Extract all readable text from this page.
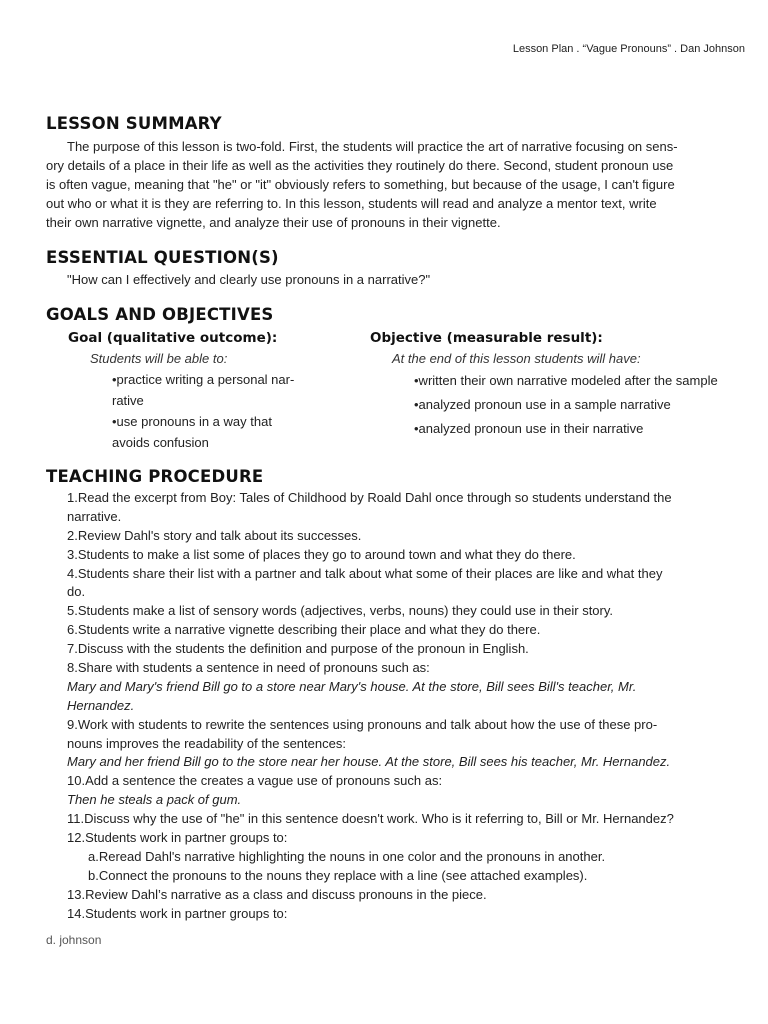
Lesson Plan . “Vague Pronouns” . Dan Johnson
LESSON SUMMARY
The purpose of this lesson is two-fold. First, the students will practice the art of narrative focusing on sens-
ory details of a place in their life as well as the activities they routinely do there. Second, student pronoun use
is often vague, meaning that "he" or "it" obviously refers to something, but because of the usage, I can't figure
out who or what it is they are referring to. In this lesson, students will read and analyze a mentor text, write
their own narrative vignette, and analyze their use of pronouns in their vignette.
ESSENTIAL QUESTION(S)
"How can I effectively and clearly use pronouns in a narrative?"
GOALS AND OBJECTIVES
Goal (qualitative outcome):
Students will be able to:
•practice writing a personal nar-
rative
•use pronouns in a way that
avoids confusion
Objective (measurable result):
At the end of this lesson students will have:
•written their own narrative modeled after the sample
•analyzed pronoun use in a sample narrative
•analyzed pronoun use in their narrative
TEACHING PROCEDURE
1.Read the excerpt from Boy: Tales of Childhood by Roald Dahl once through so students understand the
narrative.
2.Review Dahl's story and talk about its successes.
3.Students to make a list some of places they go to around town and what they do there.
4.Students share their list with a partner and talk about what some of their places are like and what they
do.
5.Students make a list of sensory words (adjectives, verbs, nouns) they could use in their story.
6.Students write a narrative vignette describing their place and what they do there.
7.Discuss with the students the definition and purpose of the pronoun in English.
8.Share with students a sentence in need of pronouns such as:
Mary and Mary's friend Bill go to a store near Mary's house. At the store, Bill sees Bill's teacher, Mr.
Hernandez.
9.Work with students to rewrite the sentences using pronouns and talk about how the use of these pro-
nouns improves the readability of the sentences:
Mary and her friend Bill go to the store near her house. At the store, Bill sees his teacher, Mr. Hernandez.
10.Add a sentence the creates a vague use of pronouns such as:
Then he steals a pack of gum.
11.Discuss why the use of "he" in this sentence doesn't work. Who is it referring to, Bill or Mr. Hernandez?
12.Students work in partner groups to:
a.Reread Dahl's narrative highlighting the nouns in one color and the pronouns in another.
b.Connect the pronouns to the nouns they replace with a line (see attached examples).
13.Review Dahl’s narrative as a class and discuss pronouns in the piece.
14.Students work in partner groups to:
d. johnson
